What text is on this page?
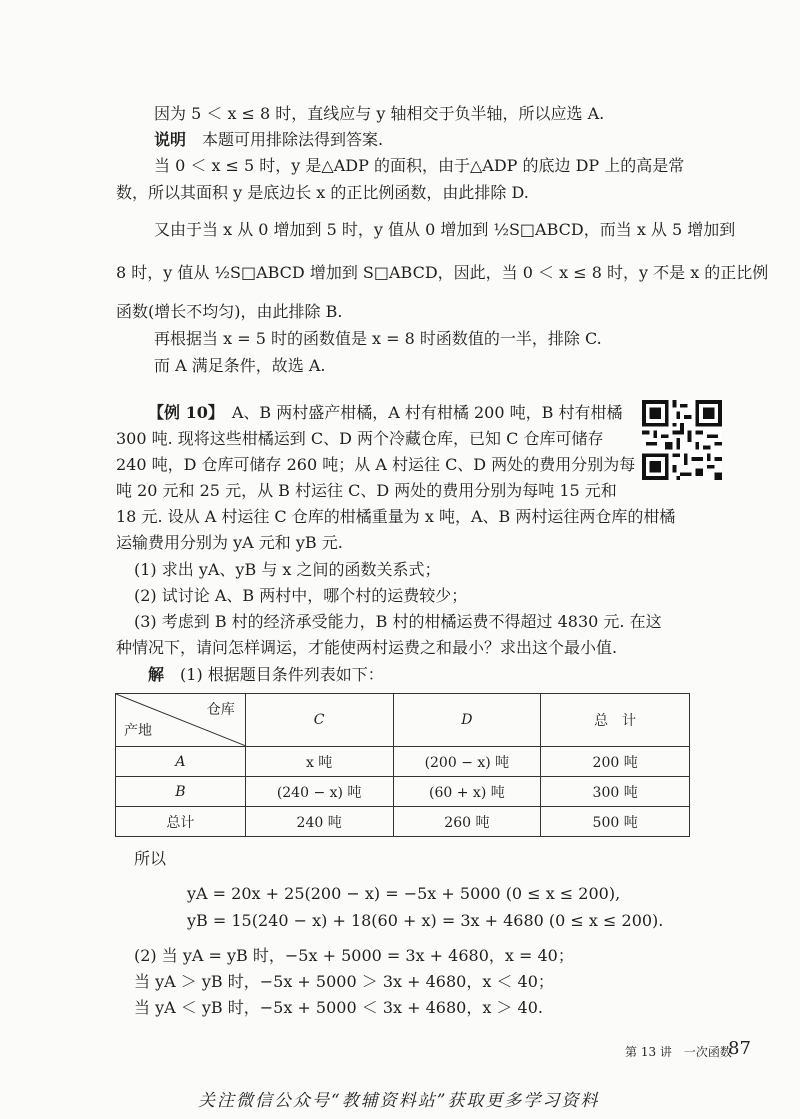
因为 5 ＜ x ≤ 8 时，直线应与 y 轴相交于负半轴，所以应选 A.
说明　 本题可用排除法得到答案.
当 0 ＜ x ≤ 5 时，y 是△ADP 的面积，由于△ADP 的底边 DP 上的高是常
数，所以其面积 y 是底边长 x 的正比例函数，由此排除 D.
又由于当 x 从 0 增加到 5 时，y 值从 0 增加到 ½S□ABCD，而当 x 从 5 增加到
8 时，y 值从 ½S□ABCD 增加到 S□ABCD，因此，当 0 ＜ x ≤ 8 时，y 不是 x 的正比例
函数(增长不均匀)，由此排除 B.
再根据当 x = 5 时的函数值是 x = 8 时函数值的一半，排除 C.
而 A 满足条件，故选 A.
【例 10】　 A、B 两村盛产柑橘，A 村有柑橘 200 吨，B 村有柑橘
300 吨. 现将这些柑橘运到 C、D 两个冷藏仓库，已知 C 仓库可储存
240 吨，D 仓库可储存 260 吨；从 A 村运往 C、D 两处的费用分别为每
吨 20 元和 25 元，从 B 村运往 C、D 两处的费用分别为每吨 15 元和
18 元. 设从 A 村运往 C 仓库的柑橘重量为 x 吨，A、B 两村运往两仓库的柑橘
运输费用分别为 yA 元和 yB 元.
(1) 求出 yA、yB 与 x 之间的函数关系式；
(2) 试讨论 A、B 两村中，哪个村的运费较少；
(3) 考虑到 B 村的经济承受能力，B 村的柑橘运费不得超过 4830 元. 在这
种情况下，请问怎样调运，才能使两村运费之和最小？求出这个最小值.
解　 (1) 根据题目条件列表如下：
仓库
产地	C	D	总　计
A	x 吨	(200 − x) 吨	200 吨
B	(240 − x) 吨	(60 + x) 吨	300 吨
总计	240 吨	260 吨	500 吨
所以
yA = 20x + 25(200 − x) = −5x + 5000 (0 ≤ x ≤ 200),
yB = 15(240 − x) + 18(60 + x) = 3x + 4680 (0 ≤ x ≤ 200).
(2) 当 yA = yB 时，−5x + 5000 = 3x + 4680，x = 40；
当 yA ＞ yB 时，−5x + 5000 ＞ 3x + 4680，x ＜ 40；
当 yA ＜ yB 时，−5x + 5000 ＜ 3x + 4680，x ＞ 40.
第 13 讲　一次函数
87
关注微信公众号“教辅资料站”获取更多学习资料
